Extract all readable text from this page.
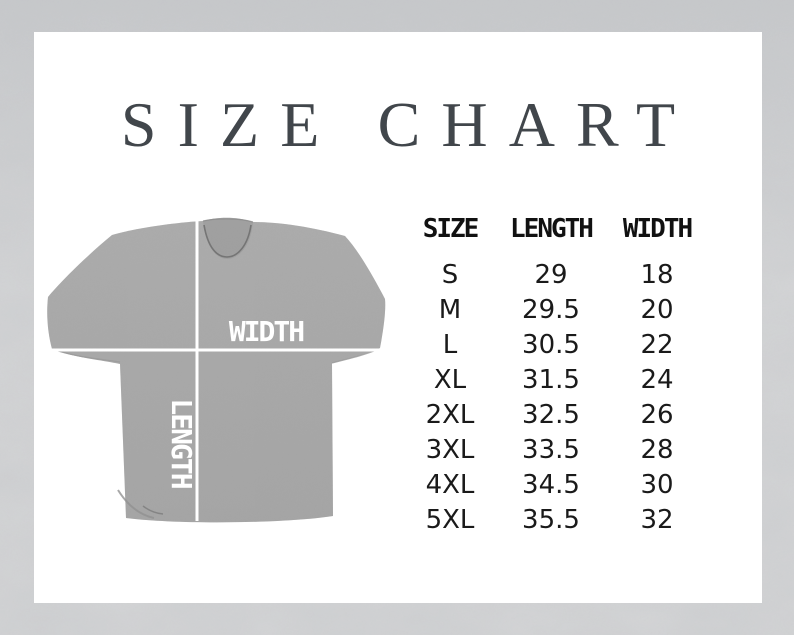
SIZE CHART
WIDTH
LENGTH
SIZE	LENGTH	WIDTH
S	29	18
M	29.5	20
L	30.5	22
XL	31.5	24
2XL	32.5	26
3XL	33.5	28
4XL	34.5	30
5XL	35.5	32
